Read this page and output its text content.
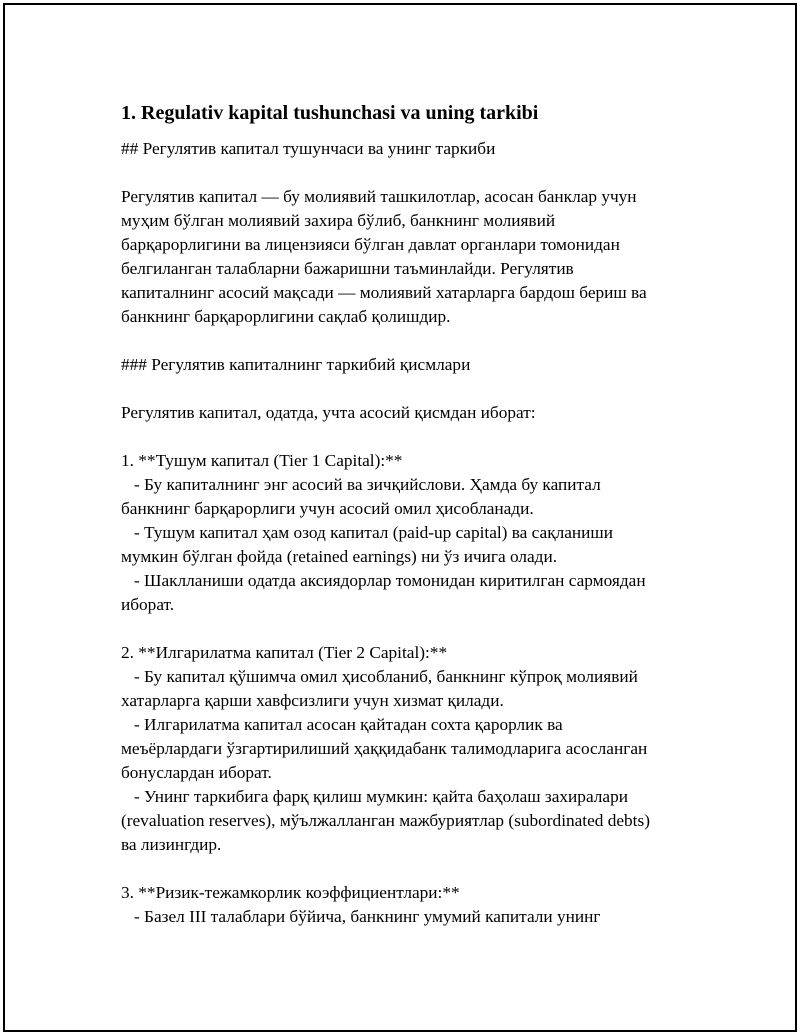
1. Regulativ kapital tushunchasi va uning tarkibi
## Регулятив капитал тушунчаси ва унинг таркиби
Регулятив капитал — бу молиявий ташкилотлар, асосан банклар учун
муҳим бўлган молиявий захира бўлиб, банкнинг молиявий
барқарорлигини ва лицензияси бўлган давлат органлари томонидан
белгиланган талабларни бажаришни таъминлайди. Регулятив
капиталнинг асосий мақсади — молиявий хатарларга бардош бериш ва
банкнинг барқарорлигини сақлаб қолишдир.
### Регулятив капиталнинг таркибий қисмлари
Регулятив капитал, одатда, учта асосий қисмдан иборат:
1. **Тушум капитал (Tier 1 Capital):**
- Бу капиталнинг энг асосий ва зичқийслови. Ҳамда бу капитал
банкнинг барқарорлиги учун асосий омил ҳисобланади.
- Тушум капитал ҳам озод капитал (paid-up capital) ва сақланиши
мумкин бўлган фойда (retained earnings) ни ўз ичига олади.
- Шаклланиши одатда аксиядорлар томонидан киритилган сармоядан
иборат.
2. **Илгарилатма капитал (Tier 2 Capital):**
- Бу капитал қўшимча омил ҳисобланиб, банкнинг кўпроқ молиявий
хатарларга қарши хавфсизлиги учун хизмат қилади.
- Илгарилатма капитал асосан қайтадан сохта қарорлик ва
меъёрлардаги ўзгартирилиший ҳаққидабанк талимодларига асосланган
бонуслардан иборат.
- Унинг таркибига фарқ қилиш мумкин: қайта баҳолаш захиралари
(revaluation reserves), мўължалланган мажбуриятлар (subordinated debts)
ва лизингдир.
3. **Ризик-тежамкорлик коэффициентлари:**
- Базел III талаблари бўйича, банкнинг умумий капитали унинг
